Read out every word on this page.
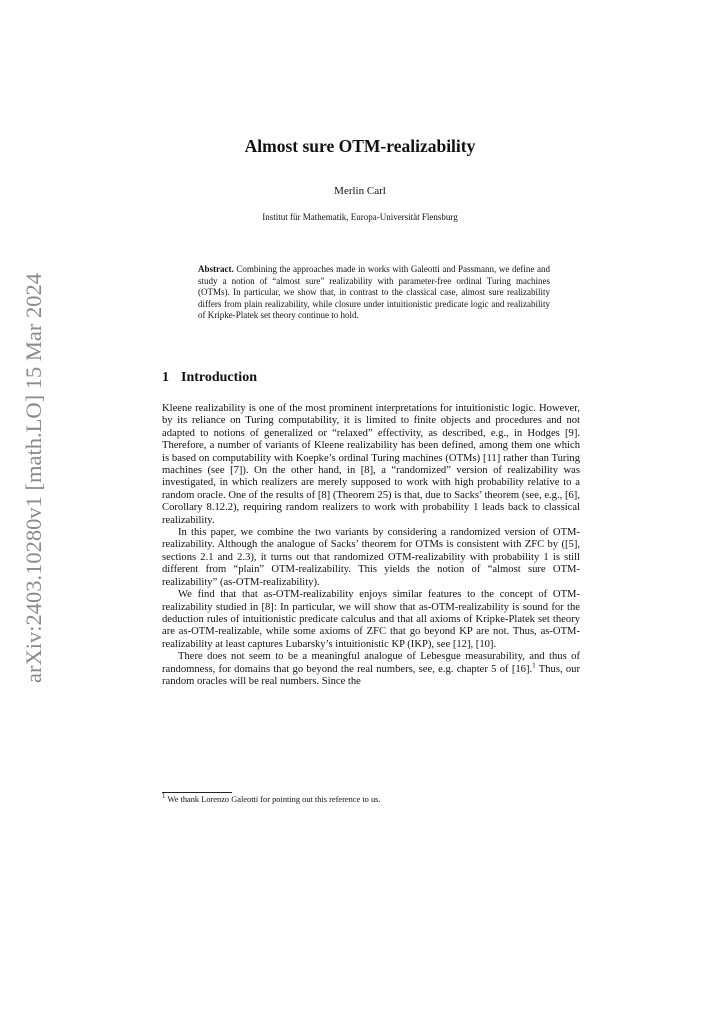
arXiv:2403.10280v1 [math.LO] 15 Mar 2024
Almost sure OTM-realizability
Merlin Carl
Institut für Mathematik, Europa-Universität Flensburg
Abstract. Combining the approaches made in works with Galeotti and Passmann, we define and study a notion of “almost sure” realizability with parameter-free ordinal Turing machines (OTMs). In particular, we show that, in contrast to the classical case, almost sure realizability differs from plain realizability, while closure under intuitionistic predicate logic and realizability of Kripke-Platek set theory continue to hold.
1 Introduction

Kleene realizability is one of the most prominent interpretations for intuitionistic logic. However, by its reliance on Turing computability, it is limited to finite objects and procedures and not adapted to notions of generalized or “relaxed” effectivity, as described, e.g., in Hodges [9]. Therefore, a number of variants of Kleene realizability has been defined, among them one which is based on computability with Koepke’s ordinal Turing machines (OTMs) [11] rather than Turing machines (see [7]). On the other hand, in [8], a “randomized” version of realizability was investigated, in which realizers are merely supposed to work with high probability relative to a random oracle. One of the results of [8] (Theorem 25) is that, due to Sacks’ theorem (see, e.g., [6], Corollary 8.12.2), requiring random realizers to work with probability 1 leads back to classical realizability.

In this paper, we combine the two variants by considering a randomized version of OTM-realizability. Although the analogue of Sacks’ theorem for OTMs is consistent with ZFC by ([5], sections 2.1 and 2.3), it turns out that randomized OTM-realizability with probability 1 is still different from “plain” OTM-realizability. This yields the notion of “almost sure OTM-realizability” (as-OTM-realizability).

We find that that as-OTM-realizability enjoys similar features to the concept of OTM-realizability studied in [8]: In particular, we will show that as-OTM-realizability is sound for the deduction rules of intuitionistic predicate calculus and that all axioms of Kripke-Platek set theory are as-OTM-realizable, while some axioms of ZFC that go beyond KP are not. Thus, as-OTM-realizability at least captures Lubarsky’s intuitionistic KP (IKP), see [12], [10].

There does not seem to be a meaningful analogue of Lebesgue measurability, and thus of randomness, for domains that go beyond the real numbers, see, e.g. chapter 5 of [16].$^1$ Thus, our random oracles will be real numbers. Since the

$^1$ We thank Lorenzo Galeotti for pointing out this reference to us.
